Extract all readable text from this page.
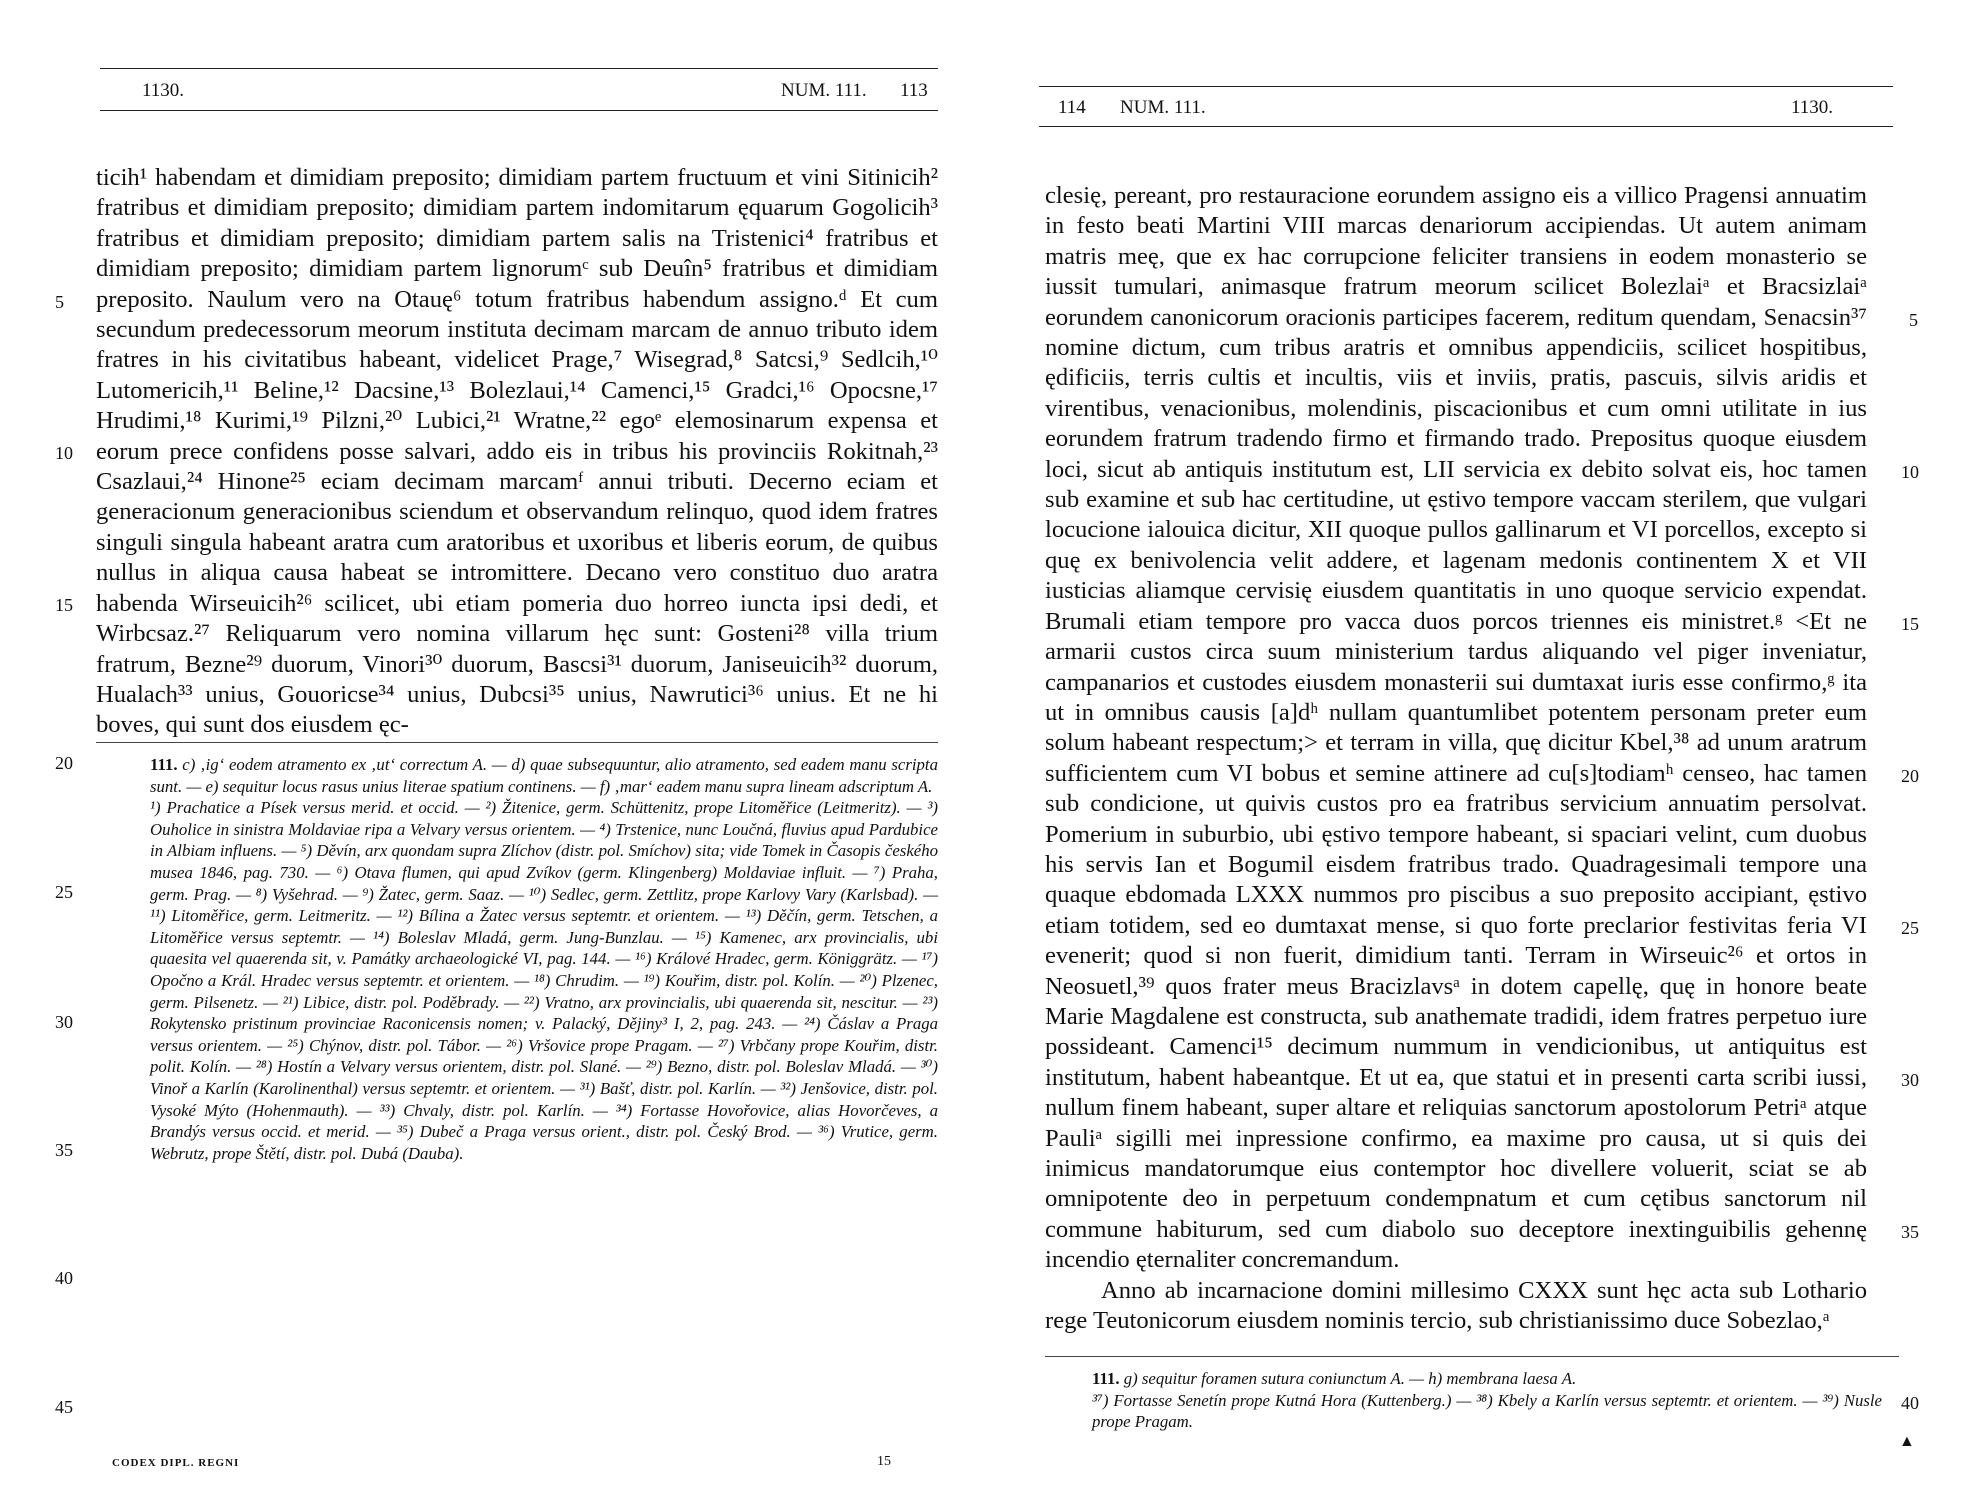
1130.	NUM. 111. 113

ticih¹ habendam et dimidiam preposito; dimidiam partem fructuum et vini Sitinicih² fratribus et dimidiam preposito; dimidiam partem indomitarum ęquarum Gogolicih³ fratribus et dimidiam preposito; dimidiam partem salis na Tristenici⁴ fratribus et dimidiam preposito; dimidiam partem lignorumᶜ sub Deuîn⁵ fratribus et dimidiam preposito. Naulum vero na Otauę⁶ totum fratribus habendum assigno.ᵈ Et cum secundum predecessorum meorum instituta decimam marcam de annuo tributo idem fratres in his civitatibus habeant, videlicet Prage,⁷ Wisegrad,⁸ Satcsi,⁹ Sedlcih,¹⁰ Lutomericih,¹¹ Beline,¹² Dacsine,¹³ Bolezlaui,¹⁴ Camenci,¹⁵ Gradci,¹⁶ Opocsne,¹⁷ Hrudimi,¹⁸ Kurimi,¹⁹ Pilzni,²⁰ Lubici,²¹ Wratne,²² egoᵉ elemosinarum expensa et eorum prece confidens posse salvari, addo eis in tribus his provinciis Rokitnah,²³ Csazlaui,²⁴ Hinone²⁵ eciam decimam marcamᶠ annui tributi. Decerno eciam et generacionum generacionibus sciendum et observandum relinquo, quod idem fratres singuli singula habeant aratra cum aratoribus et uxoribus et liberis eorum, de quibus nullus in aliqua causa habeat se intromittere. Decano vero constituo duo aratra habenda Wirseuicih²⁶ scilicet, ubi etiam pomeria duo horreo iuncta ipsi dedi, et Wirbcsaz.²⁷ Reliquarum vero nomina villarum hęc sunt: Gosteni²⁸ villa trium fratrum, Bezne²⁹ duorum, Vinori³⁰ duorum, Bascsi³¹ duorum, Janiseuicih³² duorum, Hualach³³ unius, Gouoricse³⁴ unius, Dubcsi³⁵ unius, Nawrutici³⁶ unius. Et ne hi boves, qui sunt dos eiusdem ęc-

111. c) ‚ig‘ eodem atramento ex ‚ut‘ correctum A. — d) quae subsequuntur, alio atramento, sed eadem manu scripta sunt. — e) sequitur locus rasus unius literae spatium continens. — f) ‚mar‘ eadem manu supra lineam adscriptum A.

¹) Prachatice a Písek versus merid. et occid. — ²) Žitenice, germ. Schüttenitz, prope Litoměřice (Leitmeritz). — ³) Ouholice in sinistra Moldaviae ripa a Velvary versus orientem. — ⁴) Trstenice, nunc Loučná, fluvius apud Pardubice in Albiam influens. — ⁵) Děvín, arx quondam supra Zlíchov (distr. pol. Smíchov) sita; vide Tomek in Časopis českého musea 1846, pag. 730. — ⁶) Otava flumen, qui apud Zvíkov (germ. Klingenberg) Moldaviae influit. — ⁷) Praha, germ. Prag. — ⁸) Vyšehrad. — ⁹) Žatec, germ. Saaz. — ¹⁰) Sedlec, germ. Zettlitz, prope Karlovy Vary (Karlsbad). — ¹¹) Litoměřice, germ. Leitmeritz. — ¹²) Bílina a Žatec versus septemtr. et orientem. — ¹³) Děčín, germ. Tetschen, a Litoměřice versus septemtr. — ¹⁴) Boleslav Mladá, germ. Jung-Bunzlau. — ¹⁵) Kamenec, arx provincialis, ubi quaesita vel quaerenda sit, v. Památky archaeologické VI, pag. 144. — ¹⁶) Králové Hradec, germ. Königgrätz. — ¹⁷) Opočno a Král. Hradec versus septemtr. et orientem. — ¹⁸) Chrudim. — ¹⁹) Kouřim, distr. pol. Kolín. — ²⁰) Plzenec, germ. Pilsenetz. — ²¹) Libice, distr. pol. Poděbrady. — ²²) Vratno, arx provincialis, ubi quaerenda sit, nescitur. — ²³) Rokytensko pristinum provinciae Raconicensis nomen; v. Palacký, Dějiny³ I, 2, pag. 243. — ²⁴) Čáslav a Praga versus orientem. — ²⁵) Chýnov, distr. pol. Tábor. — ²⁶) Vršovice prope Pragam. — ²⁷) Vrbčany prope Kouřim, distr. polit. Kolín. — ²⁸) Hostín a Velvary versus orientem, distr. pol. Slané. — ²⁹) Bezno, distr. pol. Boleslav Mladá. — ³⁰) Vinoř a Karlín (Karolinenthal) versus septemtr. et orientem. — ³¹) Bašť, distr. pol. Karlín. — ³²) Jenšovice, distr. pol. Vysoké Mýto (Hohenmauth). — ³³) Chvaly, distr. pol. Karlín. — ³⁴) Fortasse Hovořovice, alias Hovorčeves, a Brandýs versus occid. et merid. — ³⁵) Dubeč a Praga versus orient., distr. pol. Český Brod. — ³⁶) Vrutice, germ. Webrutz, prope Štětí, distr. pol. Dubá (Dauba).

5
10
15
20
25
30
35
40
45
CODEX DIPL. REGNI	15
114 NUM. 111.	1130.

clesię, pereant, pro restauracione eorundem assigno eis a villico Pragensi annuatim in festo beati Martini VIII marcas denariorum accipiendas. Ut autem animam matris meę, que ex hac corrupcione feliciter transiens in eodem monasterio se iussit tumulari, animasque fratrum meorum scilicet Bolezlaiᵃ et Bracsizlaiᵃ eorundem canonicorum oracionis participes facerem, reditum quendam, Senacsin³⁷ nomine dictum, cum tribus aratris et omnibus appendiciis, scilicet hospitibus, ędificiis, terris cultis et incultis, viis et inviis, pratis, pascuis, silvis aridis et virentibus, venacionibus, molendinis, piscacionibus et cum omni utilitate in ius eorundem fratrum tradendo firmo et firmando trado. Prepositus quoque eiusdem loci, sicut ab antiquis institutum est, LII servicia ex debito solvat eis, hoc tamen sub examine et sub hac certitudine, ut ęstivo tempore vaccam sterilem, que vulgari locucione ialouica dicitur, XII quoque pullos gallinarum et VI porcellos, excepto si quę ex benivolencia velit addere, et lagenam medonis continentem X et VII iusticias aliamque cervisię eiusdem quantitatis in uno quoque servicio expendat. Brumali etiam tempore pro vacca duos porcos triennes eis ministret.ᵍ <Et ne armarii custos circa suum ministerium tardus aliquando vel piger inveniatur, campanarios et custodes eiusdem monasterii sui dumtaxat iuris esse confirmo,ᵍ ita ut in omnibus causis [a]dʰ nullam quantumlibet potentem personam preter eum solum habeant respectum;> et terram in villa, quę dicitur Kbel,³⁸ ad unum aratrum sufficientem cum VI bobus et semine attinere ad cu[s]todiamʰ censeo, hac tamen sub condicione, ut quivis custos pro ea fratribus servicium annuatim persolvat. Pomerium in suburbio, ubi ęstivo tempore habeant, si spaciari velint, cum duobus his servis Ian et Bogumil eisdem fratribus trado. Quadragesimali tempore una quaque ebdomada LXXX nummos pro piscibus a suo preposito accipiant, ęstivo etiam totidem, sed eo dumtaxat mense, si quo forte preclarior festivitas feria VI evenerit; quod si non fuerit, dimidium tanti. Terram in Wirseuic²⁶ et ortos in Neosuetl,³⁹ quos frater meus Bracizlavsᵃ in dotem capellę, quę in honore beate Marie Magdalene est constructa, sub anathemate tradidi, idem fratres perpetuo iure possideant. Camenci¹⁵ decimum nummum in vendicionibus, ut antiquitus est institutum, habent habeantque. Et ut ea, que statui et in presenti carta scribi iussi, nullum finem habeant, super altare et reliquias sanctorum apostolorum Petriᵃ atque Pauliᵃ sigilli mei inpressione confirmo, ea maxime pro causa, ut si quis dei inimicus mandatorumque eius contemptor hoc divellere voluerit, sciat se ab omnipotente deo in perpetuum condempnatum et cum cętibus sanctorum nil commune habiturum, sed cum diabolo suo deceptore inextinguibilis gehennę incendio ęternaliter concremandum.

Anno ab incarnacione domini millesimo CXXX sunt hęc acta sub Lothario rege Teutonicorum eiusdem nominis tercio, sub christianissimo duce Sobezlao,ᵃ

111. g) sequitur foramen sutura coniunctum A. — h) membrana laesa A.

³⁷) Fortasse Senetín prope Kutná Hora (Kuttenberg.) — ³⁸) Kbely a Karlín versus septemtr. et orientem. — ³⁹) Nusle prope Pragam.

5
10
15
20
25
30
35
40
▲
